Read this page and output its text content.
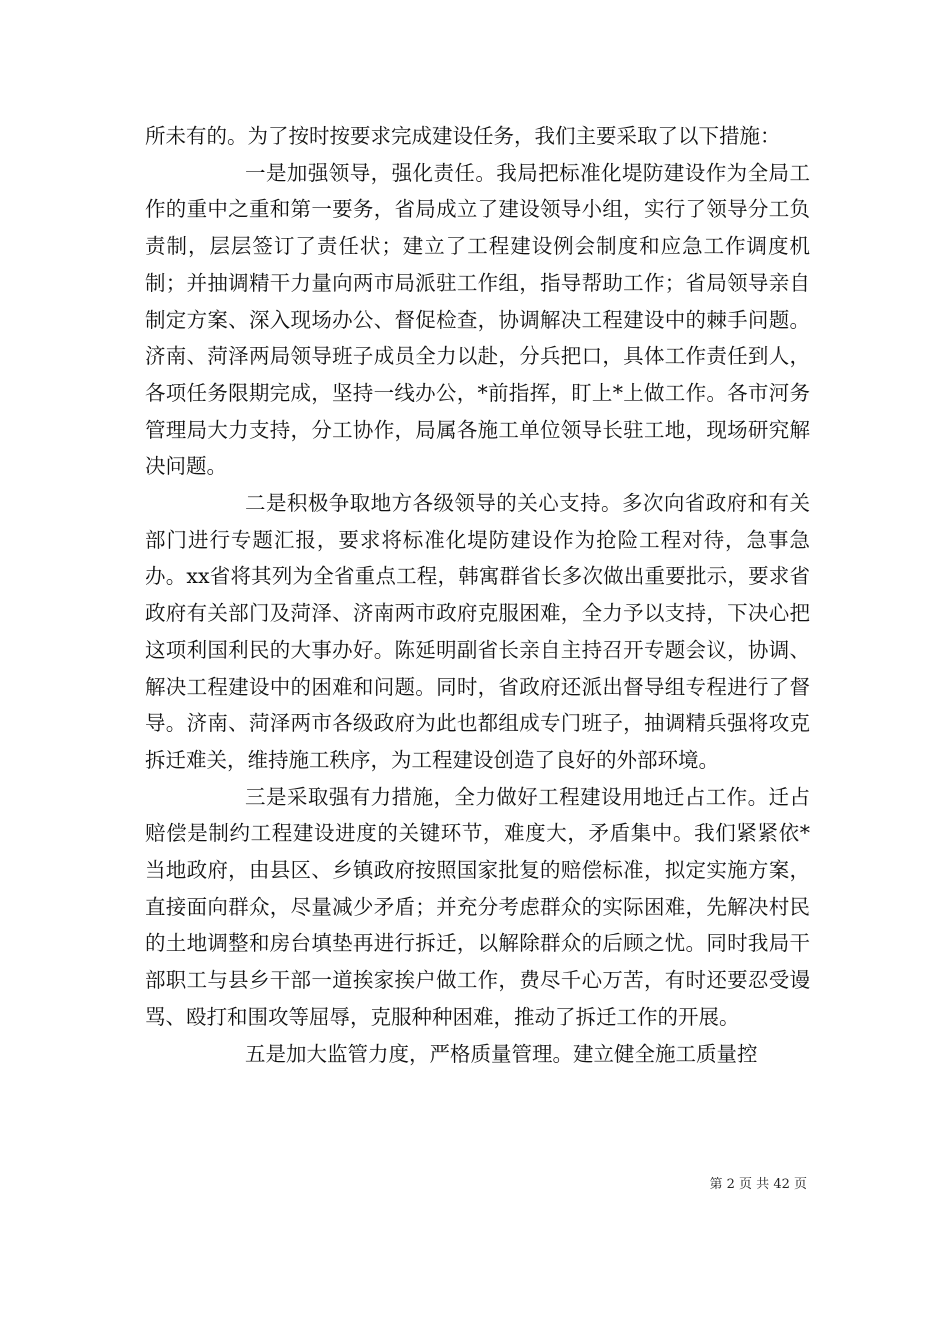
所未有的。为了按时按要求完成建设任务，我们主要采取了以下措施：

一是加强领导，强化责任。我局把标准化堤防建设作为全局工作的重中之重和第一要务，省局成立了建设领导小组，实行了领导分工负责制，层层签订了责任状；建立了工程建设例会制度和应急工作调度机制；并抽调精干力量向两市局派驻工作组，指导帮助工作；省局领导亲自制定方案、深入现场办公、督促检查，协调解决工程建设中的棘手问题。济南、菏泽两局领导班子成员全力以赴，分兵把口，具体工作责任到人，各项任务限期完成，坚持一线办公，*前指挥，盯上*上做工作。各市河务管理局大力支持，分工协作，局属各施工单位领导长驻工地，现场研究解决问题。

二是积极争取地方各级领导的关心支持。多次向省政府和有关部门进行专题汇报，要求将标准化堤防建设作为抢险工程对待，急事急办。xx省将其列为全省重点工程，韩寓群省长多次做出重要批示，要求省政府有关部门及菏泽、济南两市政府克服困难，全力予以支持，下决心把这项利国利民的大事办好。陈延明副省长亲自主持召开专题会议，协调、解决工程建设中的困难和问题。同时，省政府还派出督导组专程进行了督导。济南、菏泽两市各级政府为此也都组成专门班子，抽调精兵强将攻克拆迁难关，维持施工秩序，为工程建设创造了良好的外部环境。

三是采取强有力措施，全力做好工程建设用地迁占工作。迁占赔偿是制约工程建设进度的关键环节，难度大，矛盾集中。我们紧紧依*当地政府，由县区、乡镇政府按照国家批复的赔偿标准，拟定实施方案，直接面向群众，尽量减少矛盾；并充分考虑群众的实际困难，先解决村民的土地调整和房台填垫再进行拆迁，以解除群众的后顾之忧。同时我局干部职工与县乡干部一道挨家挨户做工作，费尽千心万苦，有时还要忍受谩骂、殴打和围攻等屈辱，克服种种困难，推动了拆迁工作的开展。

五是加大监管力度，严格质量管理。建立健全施工质量控

第 2 页 共 42 页
